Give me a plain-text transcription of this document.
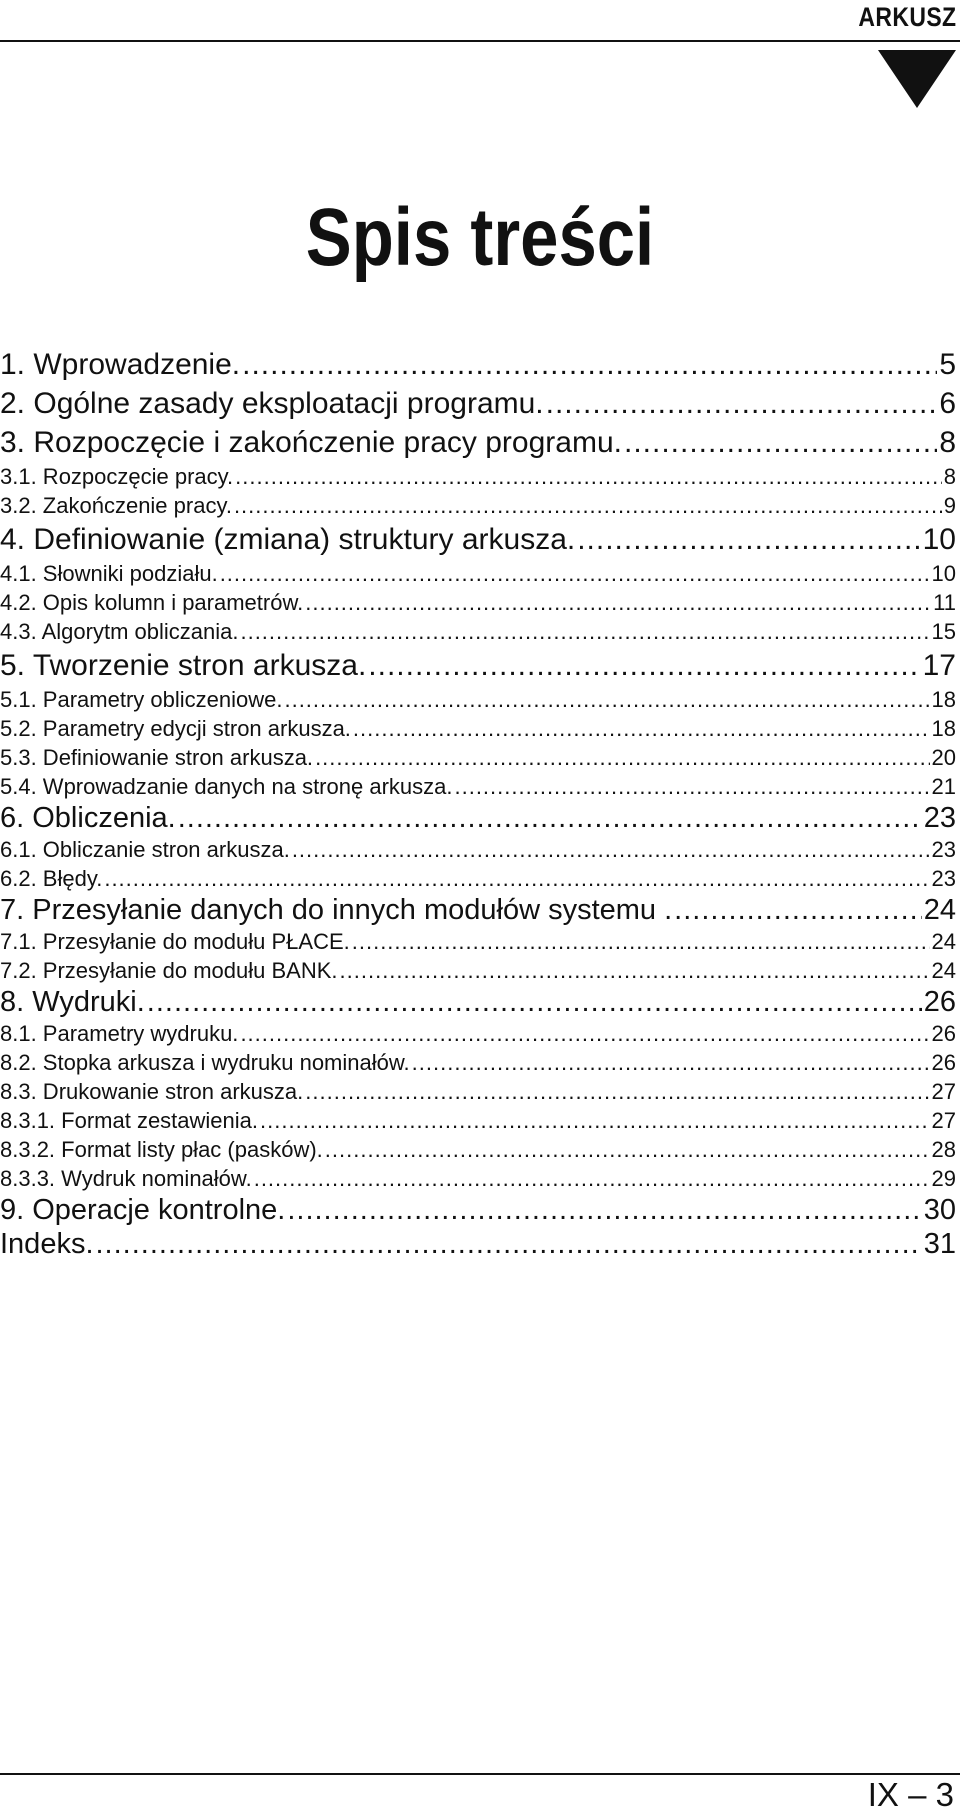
ARKUSZ
Spis treści
1. Wprowadzenie. .....	5
2. Ogólne zasady eksploatacji programu. .....	6
3. Rozpoczęcie i zakończenie pracy programu. .....	8
3.1. Rozpoczęcie pracy. .....	8
3.2. Zakończenie pracy. .....	9
4. Definiowanie (zmiana) struktury arkusza. .....	10
4.1. Słowniki podziału. .....	10
4.2. Opis kolumn i parametrów. .....	11
4.3. Algorytm obliczania. .....	15
5. Tworzenie stron arkusza. .....	17
5.1. Parametry obliczeniowe. .....	18
5.2. Parametry edycji stron arkusza. .....	18
5.3. Definiowanie stron arkusza. .....	20
5.4. Wprowadzanie danych na stronę arkusza. .....	21
6. Obliczenia. .....	23
6.1. Obliczanie stron arkusza. .....	23
6.2. Błędy. .....	23
7. Przesyłanie danych do innych modułów systemu . .....	24
7.1. Przesyłanie do modułu PŁACE. .....	24
7.2. Przesyłanie do modułu BANK. .....	24
8. Wydruki. .....	26
8.1. Parametry wydruku. .....	26
8.2. Stopka arkusza i wydruku nominałów. .....	26
8.3. Drukowanie stron arkusza. .....	27
8.3.1. Format zestawienia. .....	27
8.3.2. Format listy płac (pasków). .....	28
8.3.3. Wydruk nominałów. .....	29
9. Operacje kontrolne. .....	30
Indeks. .....	31
IX – 3
